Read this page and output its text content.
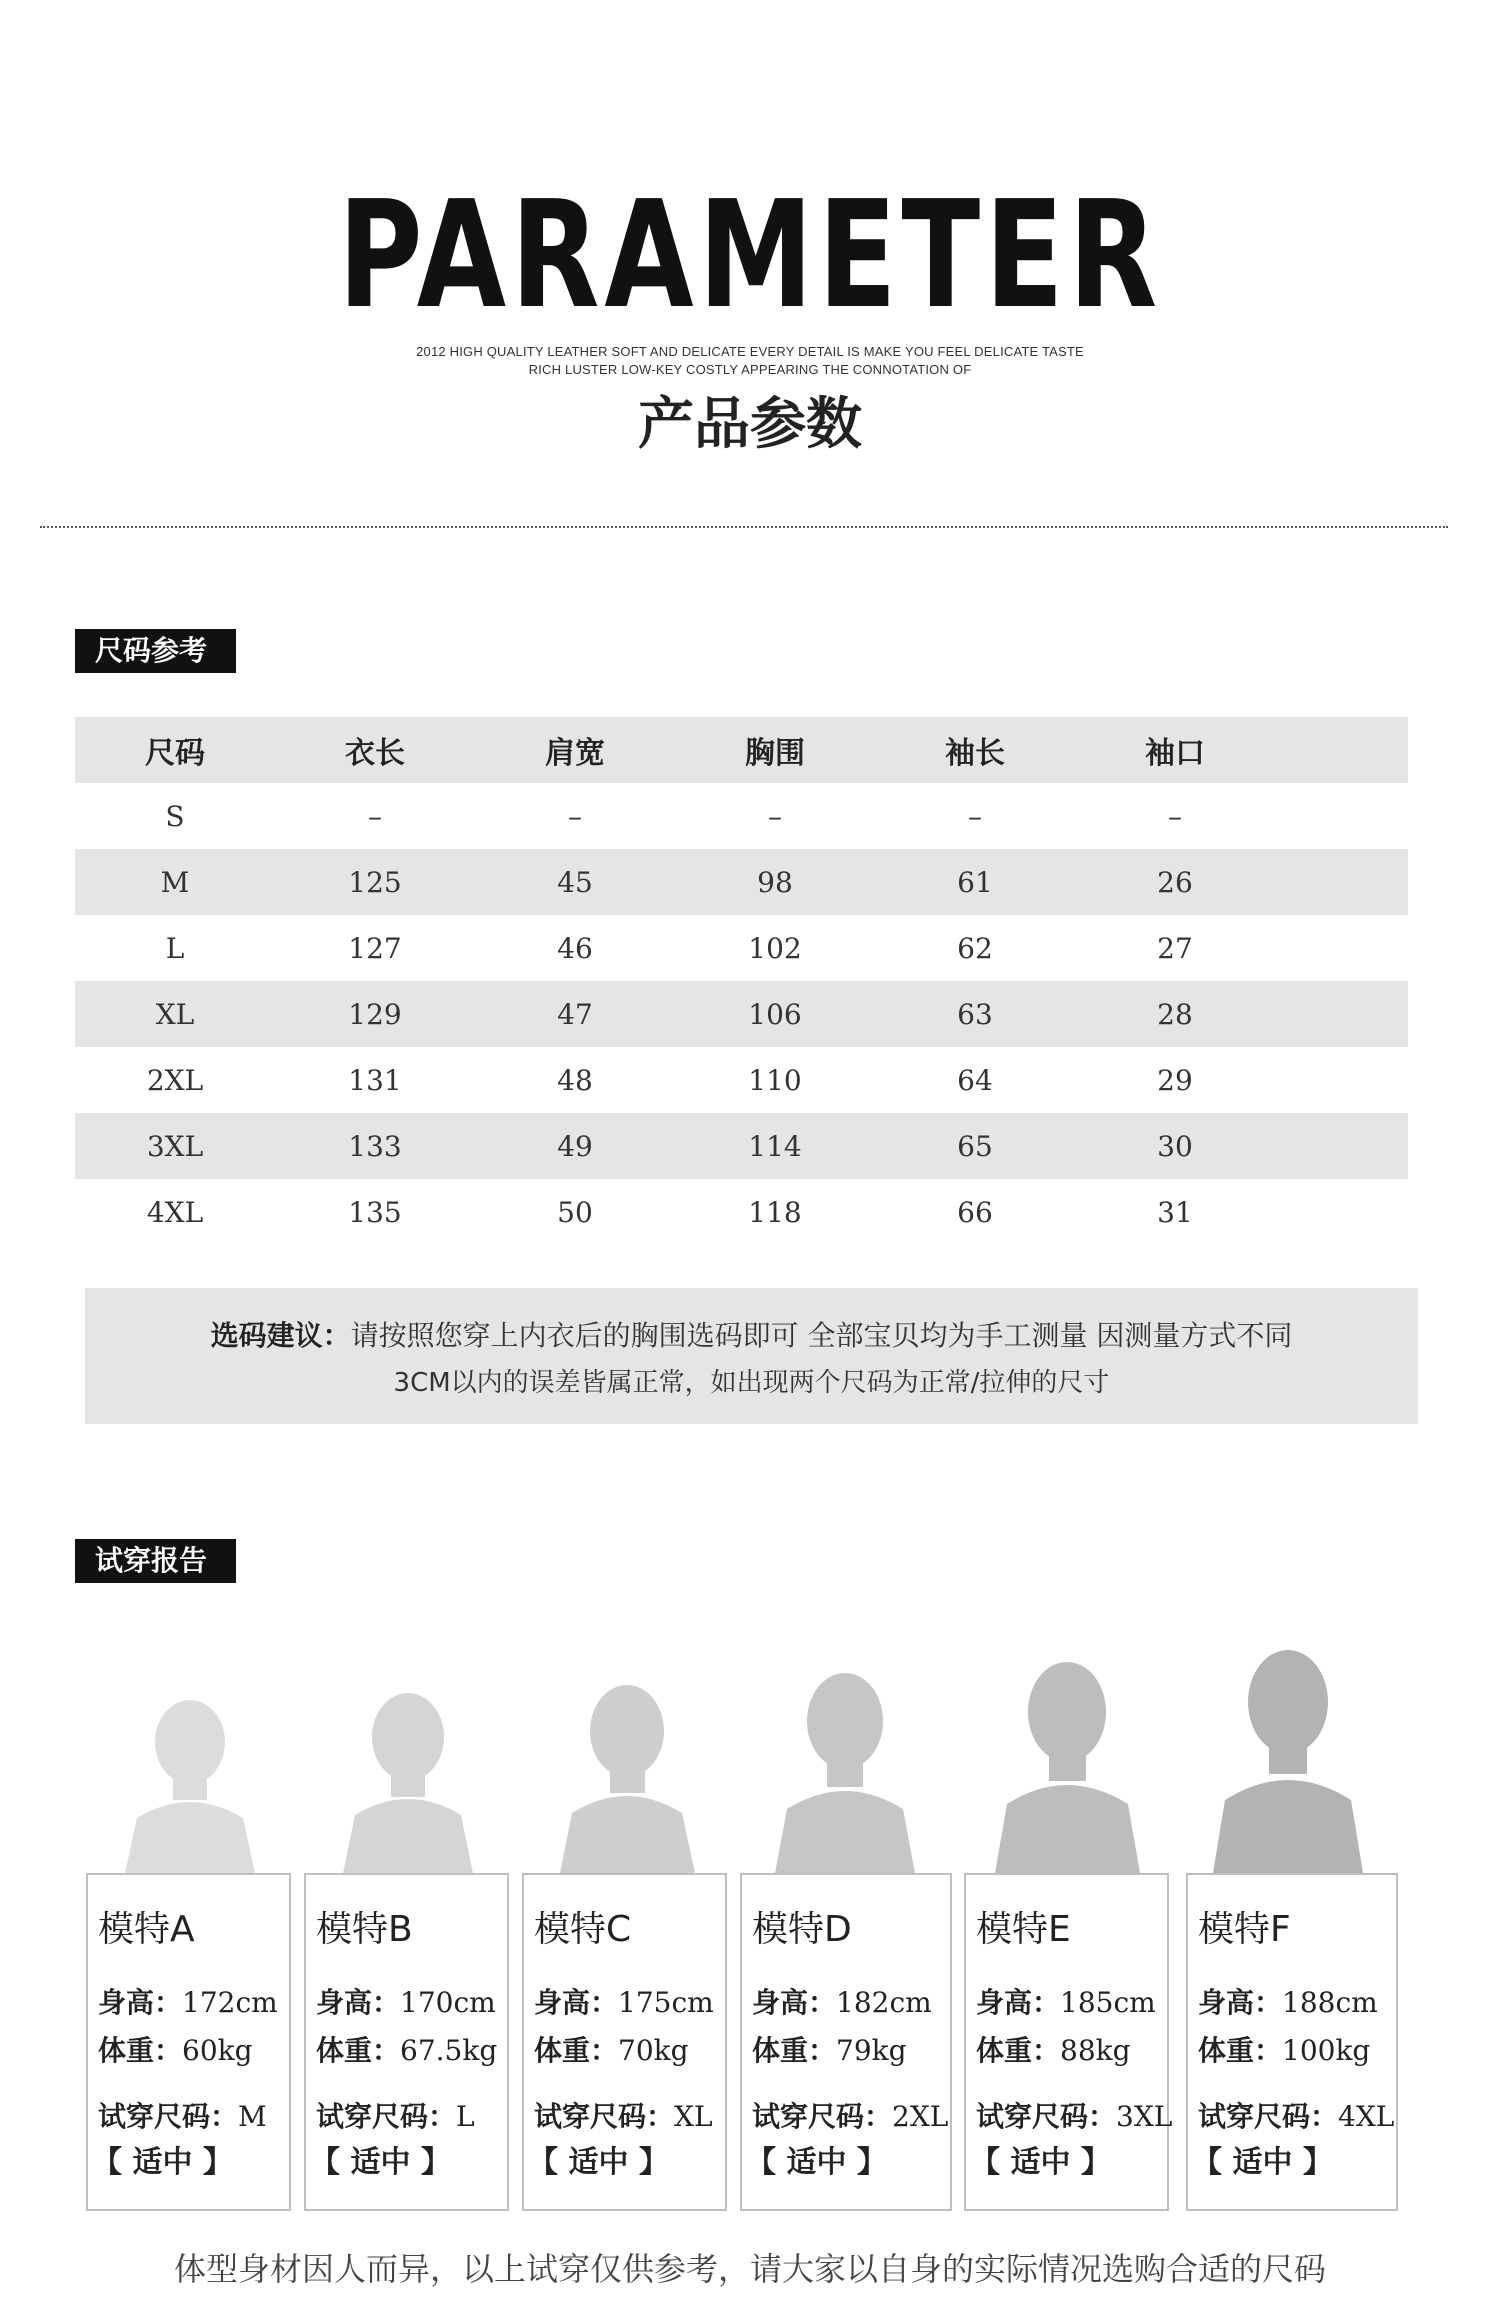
PARAMETER
2012 HIGH QUALITY LEATHER SOFT AND DELICATE EVERY DETAIL IS MAKE YOU FEEL DELICATE TASTE
RICH LUSTER LOW-KEY COSTLY APPEARING THE CONNOTATION OF
产品参数
尺码参考
尺码	衣长	肩宽	胸围	袖长	袖口
S	–	–	–	–	–
M	125	45	98	61	26
L	127	46	102	62	27
XL	129	47	106	63	28
2XL	131	48	110	64	29
3XL	133	49	114	65	30
4XL	135	50	118	66	31
选码建议：请按照您穿上内衣后的胸围选码即可 全部宝贝均为手工测量 因测量方式不同
3CM以内的误差皆属正常，如出现两个尺码为正常/拉伸的尺寸
试穿报告
模特A
身高：172cm
体重：60kg
试穿尺码：M
【 适中 】
模特B
身高：170cm
体重：67.5kg
试穿尺码：L
【 适中 】
模特C
身高：175cm
体重：70kg
试穿尺码：XL
【 适中 】
模特D
身高：182cm
体重：79kg
试穿尺码：2XL
【 适中 】
模特E
身高：185cm
体重：88kg
试穿尺码：3XL
【 适中 】
模特F
身高：188cm
体重：100kg
试穿尺码：4XL
【 适中 】
体型身材因人而异，以上试穿仅供参考，请大家以自身的实际情况选购合适的尺码
